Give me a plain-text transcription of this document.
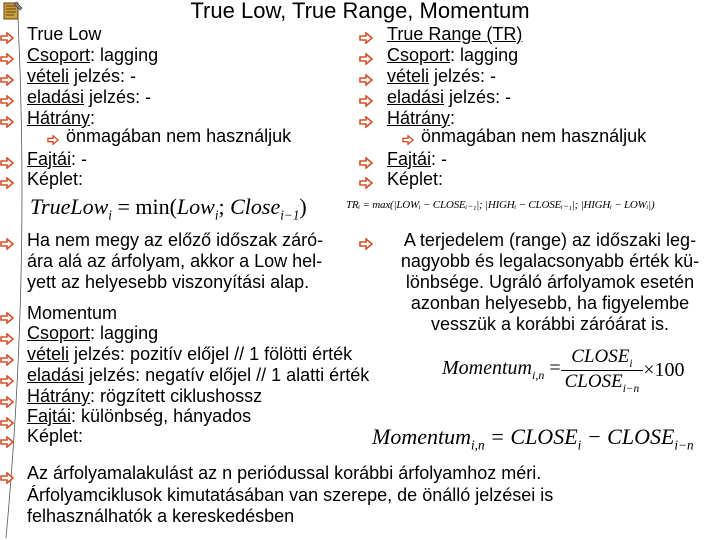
True Low, True Range, Momentum
True Low
Csoport: lagging
vételi jelzés: -
eladási jelzés: -
Hátrány:
önmagában nem használjuk
Fajtái: -
Képlet:
TrueLow$_i$ = min(Low$_i$; Close$_{i-1}$)
Ha nem megy az előző időszak záró-
ára alá az árfolyam, akkor a Low hel-
yett az helyesebb viszonyítási alap.
True Range (TR)
Csoport: lagging
vételi jelzés: -
eladási jelzés: -
Hátrány:
önmagában nem használjuk
Fajtái: -
Képlet:
TRᵢ = max(|LOWᵢ − CLOSEᵢ₋₁|; |HIGHᵢ − CLOSEᵢ₋₁|; |HIGHᵢ − LOWᵢ|)
A terjedelem (range) az időszaki leg-
nagyobb és legalacsonyabb érték kü-
lönbsége. Ugráló árfolyamok esetén
azonban helyesebb, ha figyelembe
vesszük a korábbi záróárat is.
Momentum
Csoport: lagging
vételi jelzés: pozitív előjel // 1 fölötti érték
eladási jelzés: negatív előjel // 1 alatti érték
Hátrány: rögzített ciklushossz
Fajtái: különbség, hányados
Képlet:
Momentum$_{i,n}$ = $\frac{CLOSE_i}{CLOSE_{i-n}} \times 100$
Momentum$_{i,n}$ = $CLOSE_i$ − $CLOSE_{i-n}$
Az árfolyamalakulást az n periódussal korábbi árfolyamhoz méri.
Árfolyamciklusok kimutatásában van szerepe, de önálló jelzései is
felhasználhatók a kereskedésben
